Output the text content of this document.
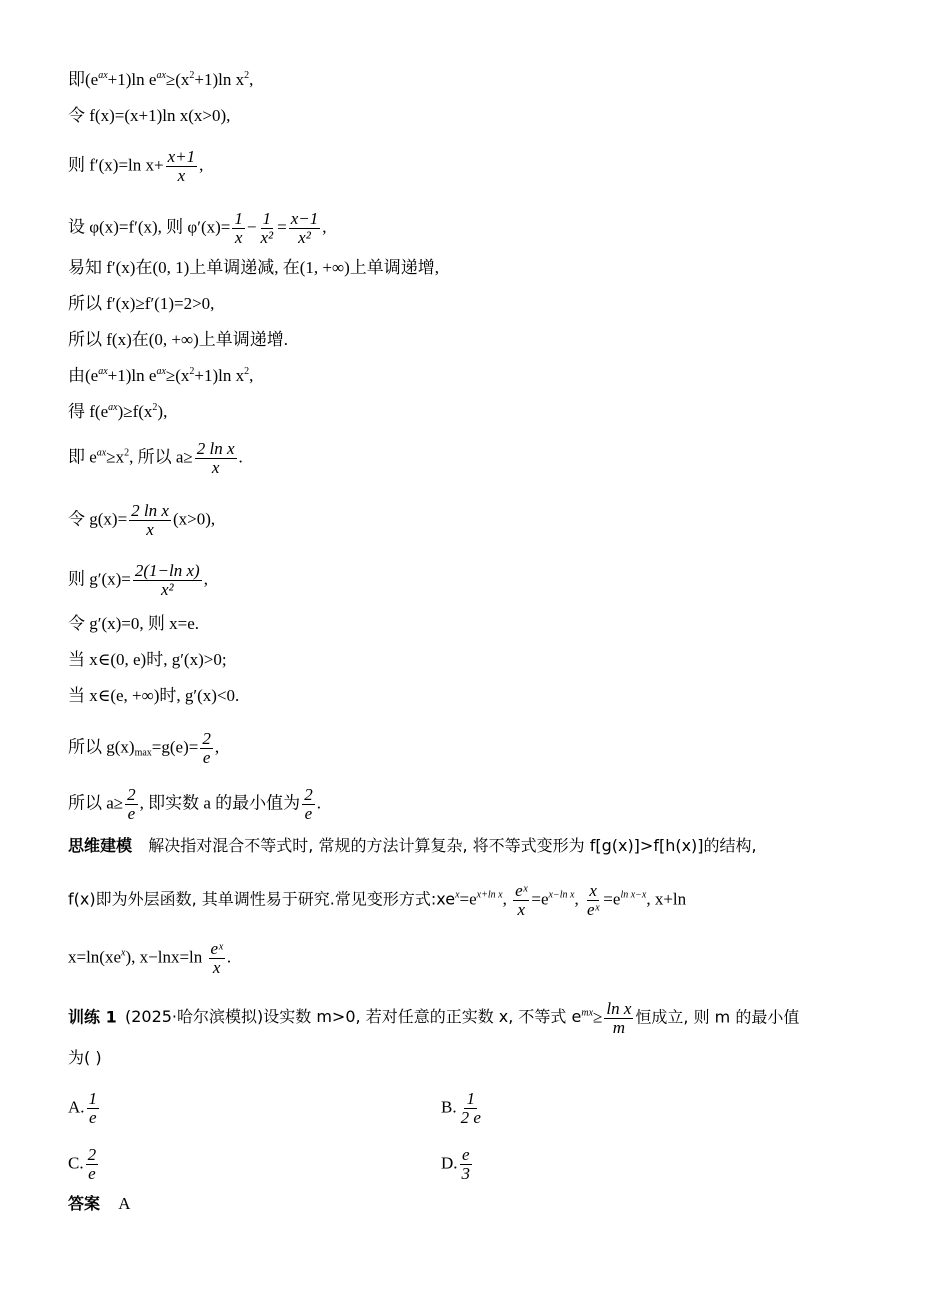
即$(e^{ax}+1)\ln$ $e^{ax}\ge(x^2+1)\ln$ $x^2$,
令 f(x)=(x+1)ln x(x>0),
则 f′(x)=ln $x+ \frac{x+1}{x}$ ,
设 φ(x)=f′(x), 则 $\varphi'(x)= \frac{1}{x} - \frac{1}{\text{x²}} = \frac{x-1}{\text{x²}}$ ,
易知 f′(x)在(0, 1)上单调递减, 在(1, +∞)上单调递增,
所以 f′(x)≥f′(1)=2>0,
所以 f(x)在(0, +∞)上单调递增.
由$(e^{ax}+1)\ln$ $e^{ax}\ge(x^2+1)\ln$ $x^2$,
得 $f(e^{ax})\ge f(x^2)$,
即 $e^{ax}\ge x^2$, 所以 $a\ge \frac{\text{2 ln x}}{x}$ .
令 $g(x)= \frac{\text{2 ln x}}{x} (x>0)$,
则 $g'(x)= \frac{\text{2(1−ln x)}}{\text{x²}}$ ,
令 g′(x)=0, 则 x=e.
当 x∈(0, e)时, g′(x)>0;
当 x∈(e, +∞)时, g′(x)<0.
所以 $g(x)_{max}=g(e)= \frac{2}{e}$ ,
所以 $a\ge \frac{2}{e}$ , 即实数 a 的最小值为 $\frac{2}{e}$ .
思维建模 解决指对混合不等式时, 常规的方法计算复杂, 将不等式变形为 f[g(x)]>f[h(x)]的结构,
f(x)即为外层函数, 其单调性易于研究.常见变形方式$:xe^x=e^{x+ln x}$, $\frac{\text{eˣ}}{x} =e^{x-ln x}$, $\frac{x}{\text{eˣ}} =e^{ln x-x}$, x+ln
$x=\ln(xe^x)$, $x-\ln x=\ln \frac{\text{eˣ}}{x}$ .
训练 1 (2025·哈尔滨模拟)设实数 m>0, 若对任意的正实数 x, 不等式 $e^{mx}\ge \frac{\text{ln x}}{m}$ 恒成立, 则 m 的最小值
为( )
A. $\frac{1}{e}$	B. $\frac{1}{2 e}$
C. $\frac{2}{e}$	D. $\frac{e}{3}$
答案 A
